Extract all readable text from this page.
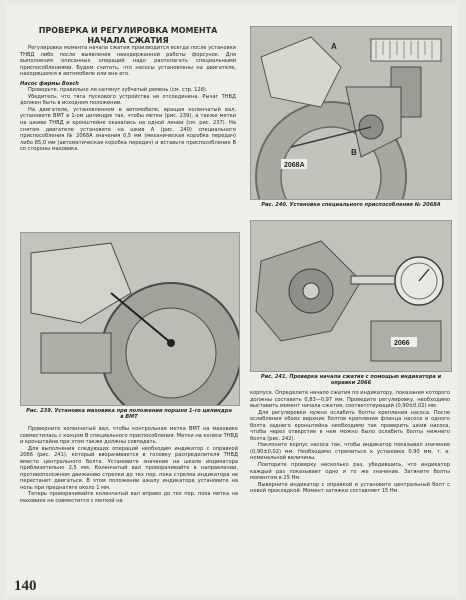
ПРОВЕРКА И РЕГУЛИРОВКА МОМЕНТА НАЧАЛА СЖАТИЯ

Регулировка момента начала сжатия производится всегда после установки ТНВД либо после выявления неиздержанной работы форсунок. Для выполнения описанных операций надо располагать специальными приспособлениями. Будем считать, что насосы установлены на двигателе, находящемся в автомобиле или вне его.

Насос фирмы Bosch

Проверьте, правильно ли натянут зубчатый ремень (см. стр. 128).

Убедитесь, что тяга пускового устройства не отсоединена. Рычаг ТНВД должен быть в исходном положении.

На двигателе, установленном в автомобиле, вращая коленчатый вал, установите ВМТ в 1-ом цилиндре так, чтобы метки (рис. 239), а также метки на шкиве ТНВД и кронштейне оказались на одной линии (см. рис. 237). На снятом двигателе установите на шкив А (рис. 240) специального приспособления № 2068А значения 0,5 мм (механическая коробка передач) либо 85,0 мм (автоматическая коробка передач) и вставьте приспособление В со стороны маховика.

2068А
A
B
Рис. 240. Установка специального приспособления № 2068А
2066
Рис. 241. Проверка начала сжатия с помощью индикатора и оправки 2066
Рис. 239. Установка маховика при положении поршня 1-го цилиндра в ВМТ

Проверните коленчатый вал, чтобы контрольная метка ВМТ на маховике совместилась с концом В специального приспособления. Метки на колесе ТНВД и кронштейне при этом также должны совпадать.

Для выполнения следующих операций необходим индикатор с оправкой 2066 (рис. 241), который вворачивается в головку распределителя ТНВД вместо центрального болта. Установите значение на шкале индикатора приблизительно 2,5 мм. Коленчатый вал проворачивайте в направлении, противоположном движению стрелки до тех пор, пока стрелка индикатора не перестанет двигаться. В этом положении шкалу индикатора установите на ноль при преднатяге около 1 мм.

Теперь проворачивайте коленчатый вал вправо до тех пор, пока метка на маховике не совместится с меткой на

корпусе. Определите начало сжатия по индикатору, показания которого должны составить 0,83—0,97 мм. Проведите регулировку, необходимо выставить момент начала сжатия, соответствующий (0,90±0,02) мм.

Для регулировки нужно ослабить болты крепления насоса. После ослабления обоих верхних болтов крепления фланца насоса и одного болта заднего кронштейна необходимо так проверить шкив насоса, чтобы через отверстие в нем можно было ослабить болты нижнего болта (рис. 242).

Наклоните корпус насоса так, чтобы индикатор показывал значение (0,90±0,02) мм. Необходимо стремиться к установке 0,90 мм, т. е. номинальной величины.

Повторите проверку несколько раз, убедившись, что индикатор каждый раз показывает одно и то же значение. Затяните болты моментом в 25 Нм.

Выверните индикатор с оправкой и установите центральный болт с новой прокладкой. Момент затяжки составляет 15 Нм.

140
